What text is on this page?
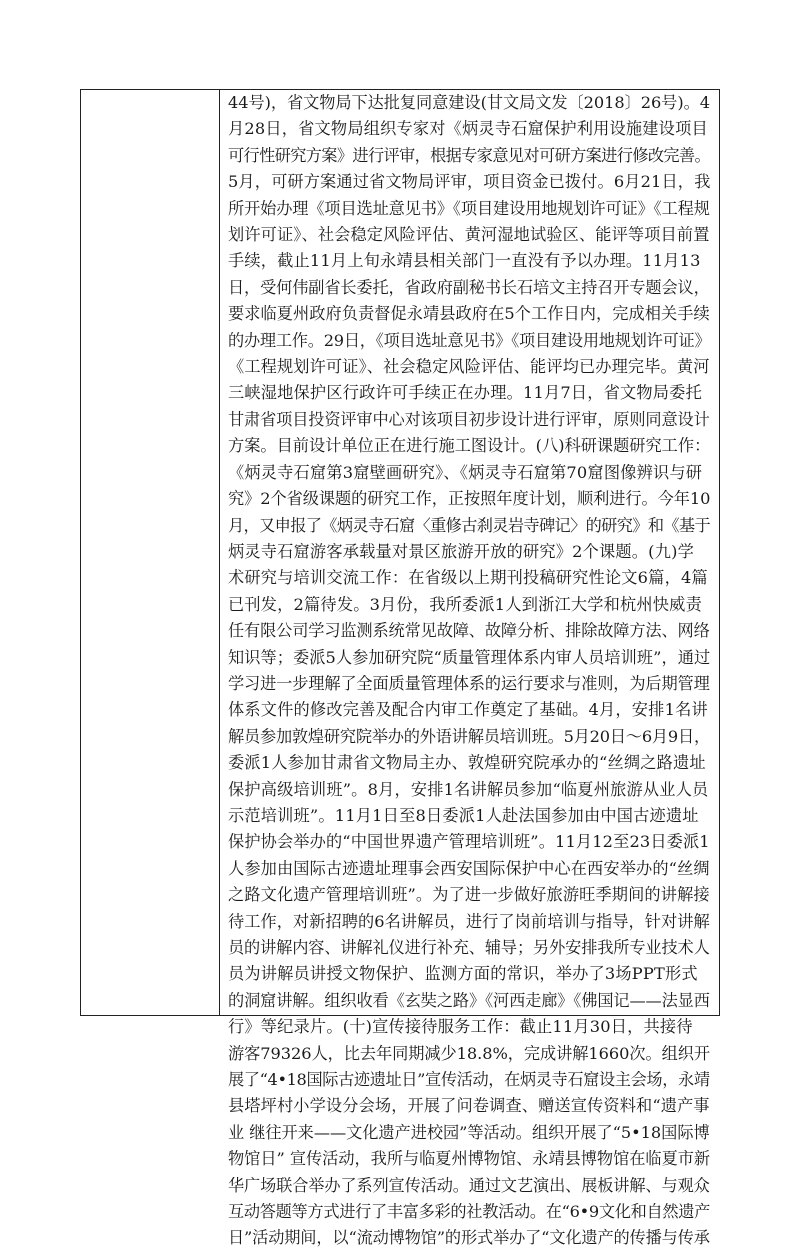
44号)，省文物局下达批复同意建设(甘文局文发〔2018〕26号)。4
月28日，省文物局组织专家对《炳灵寺石窟保护利用设施建设项目
可行性研究方案》进行评审，根据专家意见对可研方案进行修改完善。
5月，可研方案通过省文物局评审，项目资金已拨付。6月21日，我
所开始办理《项目选址意见书》《项目建设用地规划许可证》《工程规
划许可证》、社会稳定风险评估、黄河湿地试验区、能评等项目前置
手续，截止11月上旬永靖县相关部门一直没有予以办理。11月13
日，受何伟副省长委托，省政府副秘书长石培文主持召开专题会议，
要求临夏州政府负责督促永靖县政府在5个工作日内，完成相关手续
的办理工作。29日，《项目选址意见书》《项目建设用地规划许可证》
《工程规划许可证》、社会稳定风险评估、能评均已办理完毕。黄河
三峡湿地保护区行政许可手续正在办理。11月7日，省文物局委托
甘肃省项目投资评审中心对该项目初步设计进行评审，原则同意设计
方案。目前设计单位正在进行施工图设计。(八)科研课题研究工作：
《炳灵寺石窟第3窟壁画研究》、《炳灵寺石窟第70窟图像辨识与研
究》2个省级课题的研究工作，正按照年度计划，顺利进行。今年10
月，又申报了《炳灵寺石窟〈重修古刹灵岩寺碑记〉的研究》和《基于
炳灵寺石窟游客承载量对景区旅游开放的研究》2个课题。(九)学
术研究与培训交流工作：在省级以上期刊投稿研究性论文6篇，4篇
已刊发，2篇待发。3月份，我所委派1人到浙江大学和杭州快威责
任有限公司学习监测系统常见故障、故障分析、排除故障方法、网络
知识等；委派5人参加研究院“质量管理体系内审人员培训班”，通过
学习进一步理解了全面质量管理体系的运行要求与准则，为后期管理
体系文件的修改完善及配合内审工作奠定了基础。4月，安排1名讲
解员参加敦煌研究院举办的外语讲解员培训班。5月20日～6月9日，
委派1人参加甘肃省文物局主办、敦煌研究院承办的“丝绸之路遗址
保护高级培训班”。8月，安排1名讲解员参加“临夏州旅游从业人员
示范培训班”。11月1日至8日委派1人赴法国参加由中国古迹遗址
保护协会举办的“中国世界遗产管理培训班”。11月12至23日委派1
人参加由国际古迹遗址理事会西安国际保护中心在西安举办的“丝绸
之路文化遗产管理培训班”。为了进一步做好旅游旺季期间的讲解接
待工作，对新招聘的6名讲解员，进行了岗前培训与指导，针对讲解
员的讲解内容、讲解礼仪进行补充、辅导；另外安排我所专业技术人
员为讲解员讲授文物保护、监测方面的常识，举办了3场PPT形式
的洞窟讲解。组织收看《玄奘之路》《河西走廊》《佛国记——法显西
行》等纪录片。(十)宣传接待服务工作：截止11月30日，共接待
游客79326人，比去年同期减少18.8%，完成讲解1660次。组织开
展了“4•18国际古迹遗址日”宣传活动，在炳灵寺石窟设主会场，永靖
县塔坪村小学设分会场，开展了问卷调查、赠送宣传资料和“遗产事
业 继往开来——文化遗产进校园”等活动。组织开展了“5•18国际博
物馆日” 宣传活动，我所与临夏州博物馆、永靖县博物馆在临夏市新
华广场联合举办了系列宣传活动。通过文艺演出、展板讲解、与观众
互动答题等方式进行了丰富多彩的社教活动。在“6•9文化和自然遗产
日”活动期间，以“流动博物馆”的形式举办了“文化遗产的传播与传承
